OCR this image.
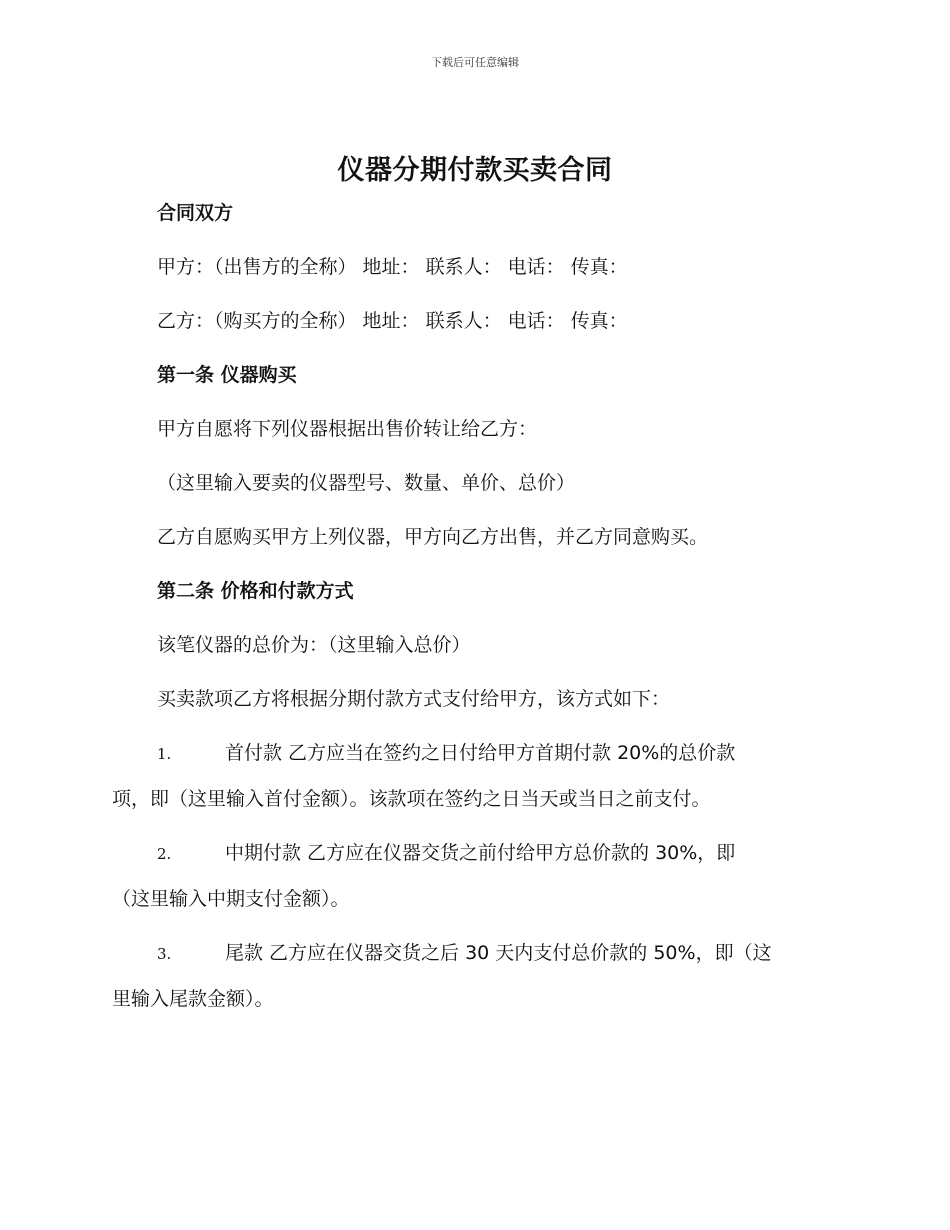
下载后可任意编辑
仪器分期付款买卖合同
合同双方
甲方：（出售方的全称） 地址： 联系人： 电话： 传真：
乙方：（购买方的全称） 地址： 联系人： 电话： 传真：
第一条 仪器购买
甲方自愿将下列仪器根据出售价转让给乙方：
（这里输入要卖的仪器型号、数量、单价、总价）
乙方自愿购买甲方上列仪器，甲方向乙方出售，并乙方同意购买。
第二条 价格和付款方式
该笔仪器的总价为：（这里输入总价）
买卖款项乙方将根据分期付款方式支付给甲方，该方式如下：
1.	首付款 乙方应当在签约之日付给甲方首期付款 20%的总价款
项，即（这里输入首付金额）。该款项在签约之日当天或当日之前支付。
2.	中期付款 乙方应在仪器交货之前付给甲方总价款的 30%，即
（这里输入中期支付金额）。
3.	尾款 乙方应在仪器交货之后 30 天内支付总价款的 50%，即（这
里输入尾款金额）。
